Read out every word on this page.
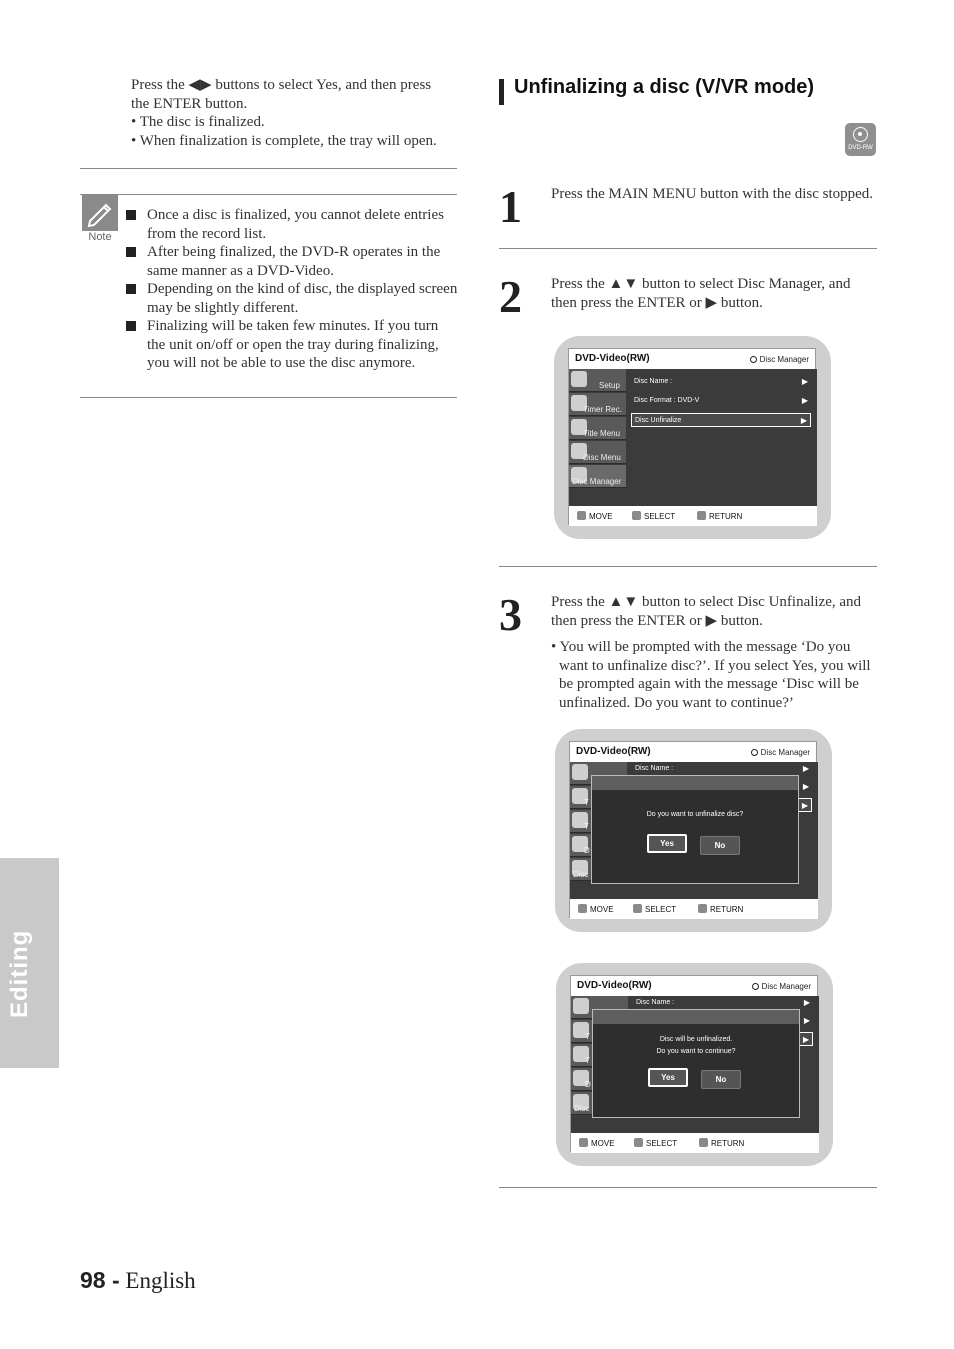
Press the ◀▶ buttons to select Yes, and then press
the ENTER button.
• The disc is finalized.
• When finalization is complete, the tray will open.
Note
Once a disc is finalized, you cannot delete entries
from the record list.
After being finalized, the DVD-R operates in the
same manner as a DVD-Video.
Depending on the kind of disc, the displayed screen
may be slightly different.
Finalizing will be taken few minutes. If you turn
the unit on/off or open the tray during finalizing,
you will not be able to use the disc anymore.
Editing
98 - English
Unfinalizing a disc (V/VR mode)
DVD-RW
1 Press the MAIN MENU button with the disc stopped.
2 Press the ▲▼ button to select Disc Manager, and
then press the ENTER or ▶ button.
DVD-Video(RW)	Disc Manager
Setup
Timer Rec.
Title Menu
Disc Menu
Disc Manager
Disc Name :	▶
Disc Format : DVD-V	▶
Disc Unfinalize	▶
MOVE	SELECT	RETURN
3 Press the ▲▼ button to select Disc Unfinalize, and
then press the ENTER or ▶ button.
• You will be prompted with the message ‘Do you
want to unfinalize disc?’. If you select Yes, you will
be prompted again with the message ‘Disc will be
unfinalized. Do you want to continue?’
DVD-Video(RW)	Disc Manager
T
T
D
Disc
Disc Name :	▶
▶
▶
Do you want to unfinalize disc?
Yes	No
MOVE	SELECT	RETURN
DVD-Video(RW)	Disc Manager
T
T
D
Disc
Disc Name :	▶
▶
▶
Disc will be unfinalized.
Do you want to continue?
Yes	No
MOVE	SELECT	RETURN
